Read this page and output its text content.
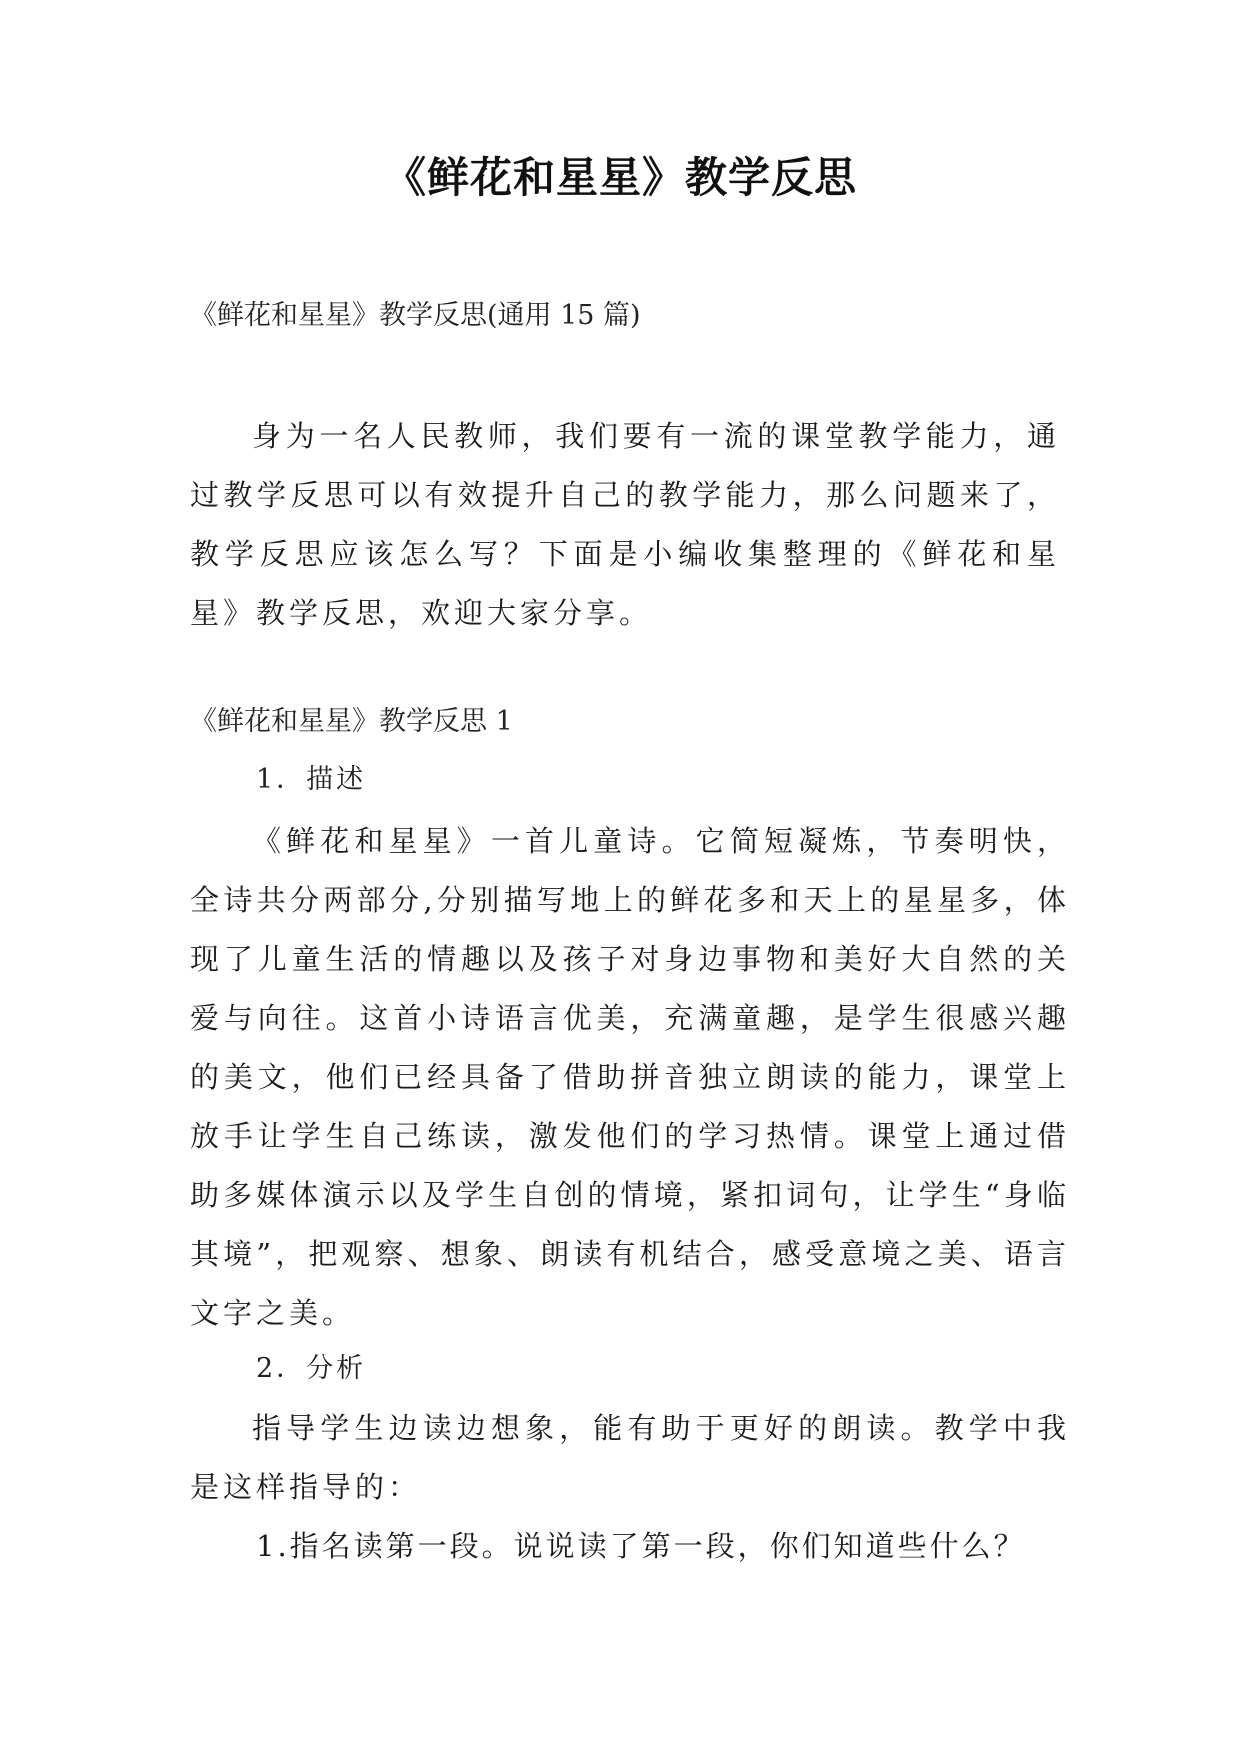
《鲜花和星星》教学反思
《鲜花和星星》教学反思(通用 15 篇)
身为一名人民教师，我们要有一流的课堂教学能力，通过教学反思可以有效提升自己的教学能力，那么问题来了，教学反思应该怎么写？下面是小编收集整理的《鲜花和星星》教学反思，欢迎大家分享。
《鲜花和星星》教学反思 1
1．描述
《鲜花和星星》一首儿童诗。它简短凝炼，节奏明快，全诗共分两部分,分别描写地上的鲜花多和天上的星星多，体现了儿童生活的情趣以及孩子对身边事物和美好大自然的关爱与向往。这首小诗语言优美，充满童趣，是学生很感兴趣的美文，他们已经具备了借助拼音独立朗读的能力，课堂上放手让学生自己练读，激发他们的学习热情。课堂上通过借助多媒体演示以及学生自创的情境，紧扣词句，让学生“身临其境”，把观察、想象、朗读有机结合，感受意境之美、语言文字之美。
2．分析
指导学生边读边想象，能有助于更好的朗读。教学中我是这样指导的：
1.指名读第一段。说说读了第一段，你们知道些什么？
